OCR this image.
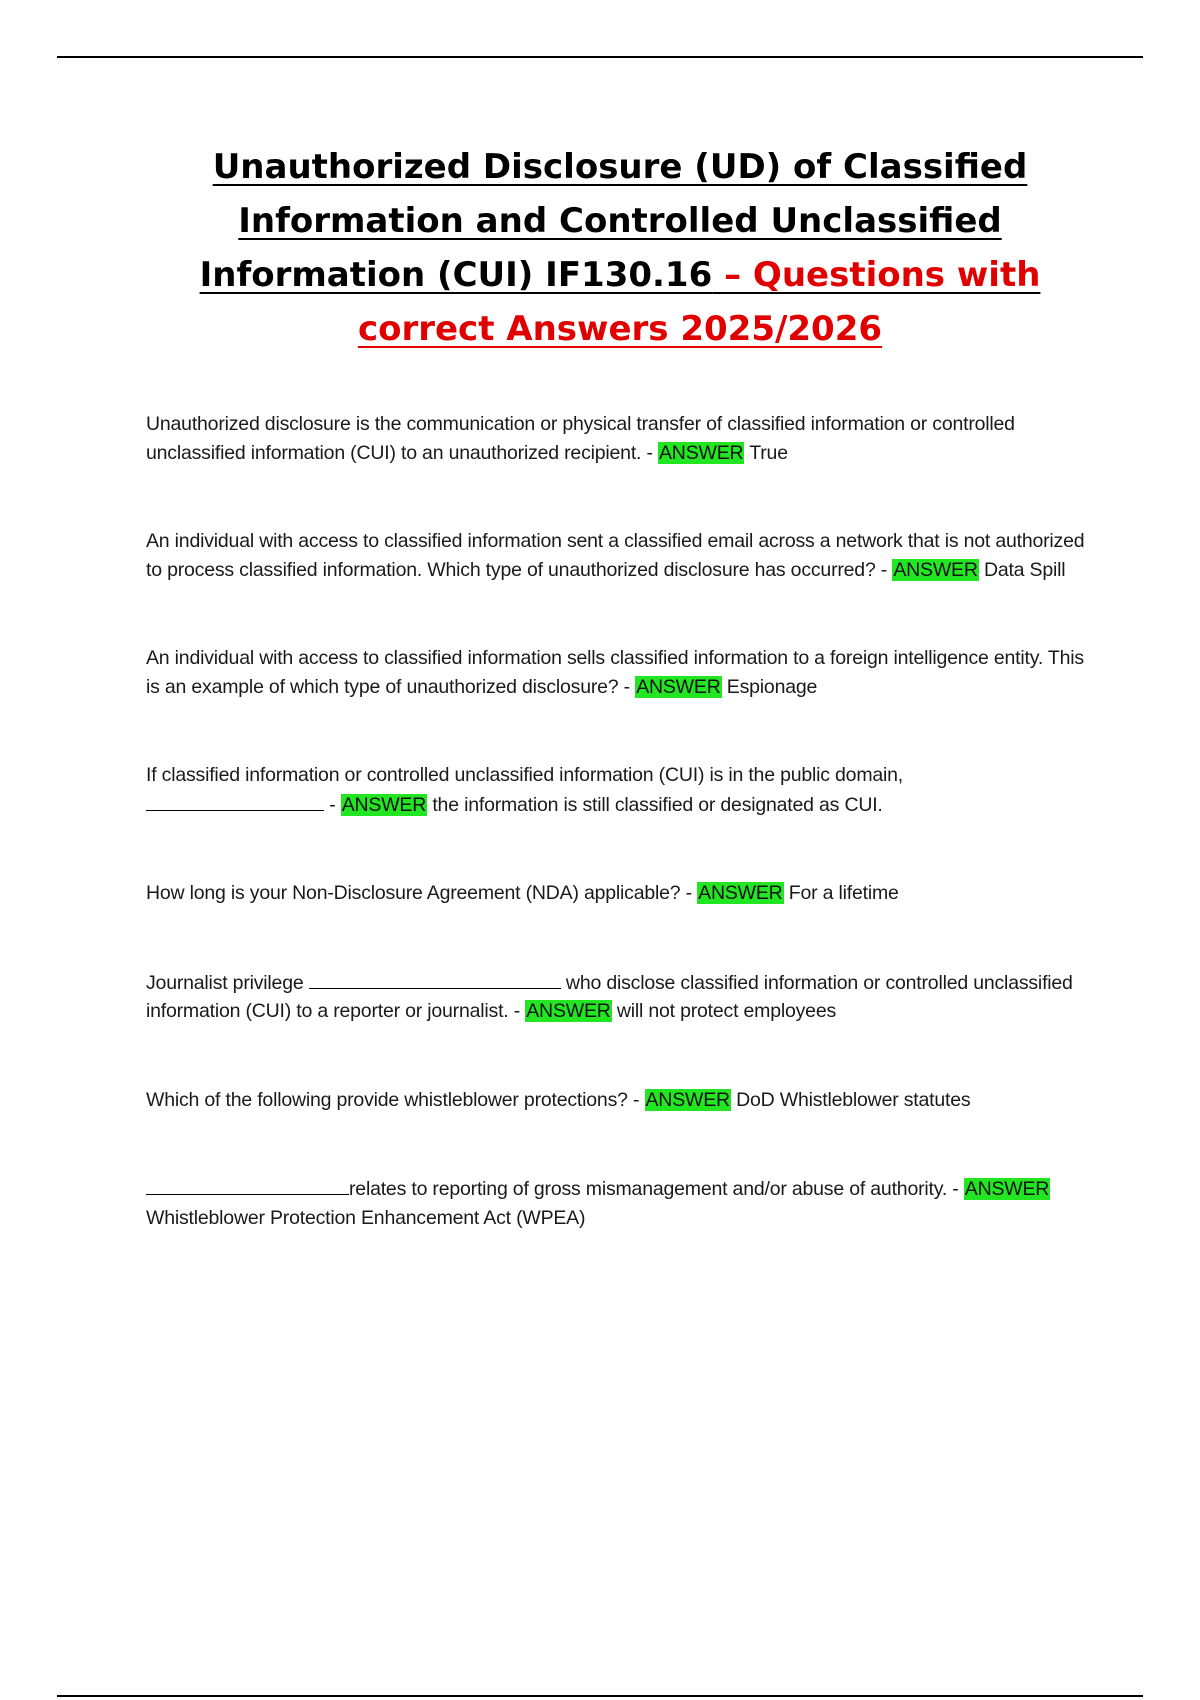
Unauthorized Disclosure (UD) of Classified
Information and Controlled Unclassified
Information (CUI) IF130.16 – Questions with
correct Answers 2025/2026

Unauthorized disclosure is the communication or physical transfer of classified information or controlled unclassified information (CUI) to an unauthorized recipient. - ANSWER True

An individual with access to classified information sent a classified email across a network that is not authorized to process classified information. Which type of unauthorized disclosure has occurred? - ANSWER Data Spill

An individual with access to classified information sells classified information to a foreign intelligence entity. This is an example of which type of unauthorized disclosure? - ANSWER Espionage

If classified information or controlled unclassified information (CUI) is in the public domain,
- ANSWER the information is still classified or designated as CUI.

How long is your Non-Disclosure Agreement (NDA) applicable? - ANSWER For a lifetime

Journalist privilege	who disclose classified information or controlled unclassified information (CUI) to a reporter or journalist. - ANSWER will not protect employees

Which of the following provide whistleblower protections? - ANSWER DoD Whistleblower statutes

relates to reporting of gross mismanagement and/or abuse of authority. - ANSWER Whistleblower Protection Enhancement Act (WPEA)
